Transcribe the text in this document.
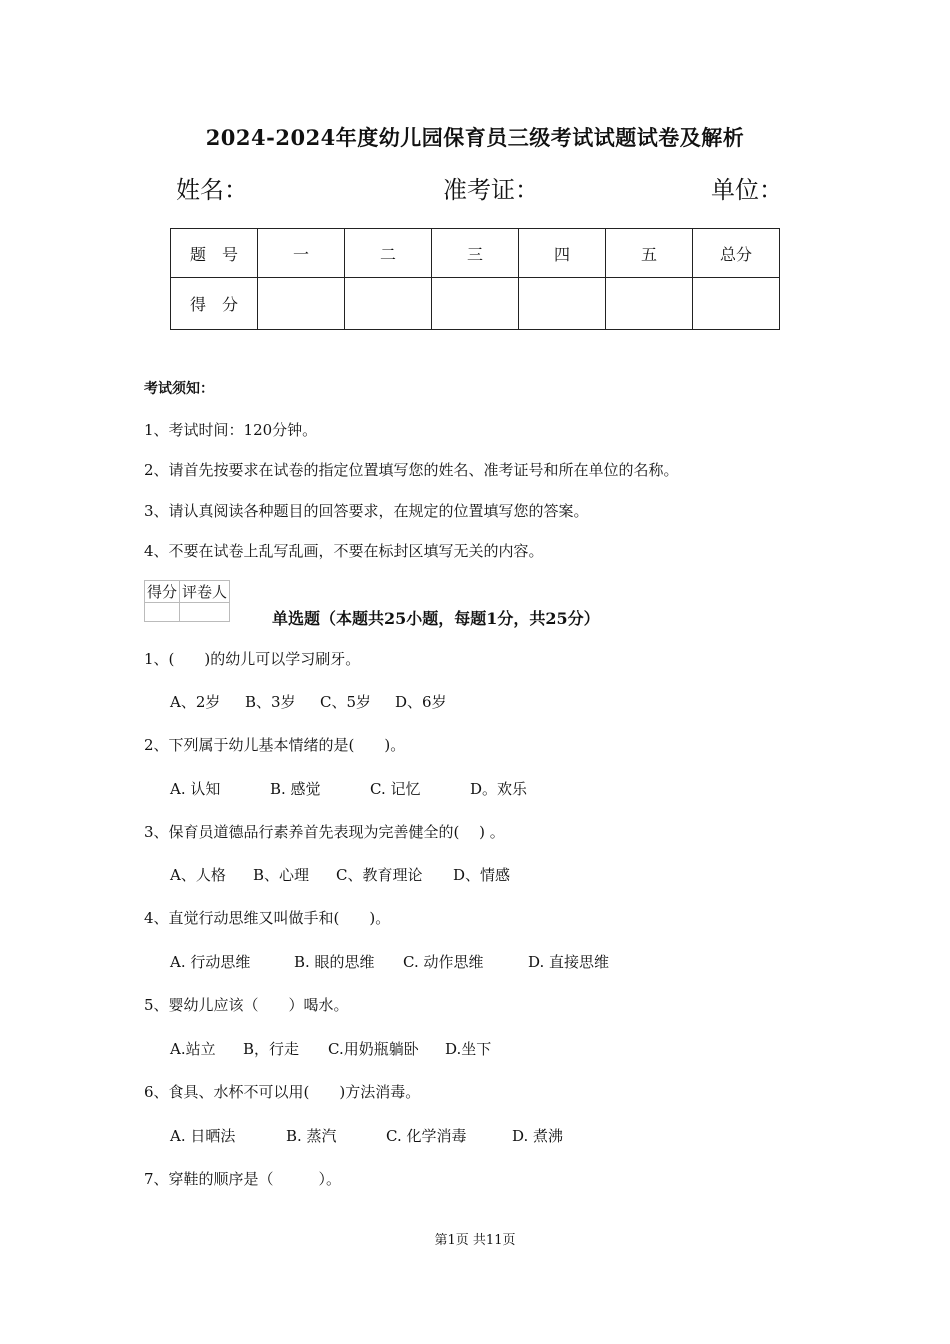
2024-2024年度幼儿园保育员三级考试试题试卷及解析
姓名：	准考证：	单位：
题　号	一	二	三	四	五	总分
得　分						
考试须知：
1、考试时间：120分钟。
2、请首先按要求在试卷的指定位置填写您的姓名、准考证号和所在单位的名称。
3、请认真阅读各种题目的回答要求，在规定的位置填写您的答案。
4、不要在试卷上乱写乱画，不要在标封区填写无关的内容。
得分	评卷人

单选题（本题共25小题，每题1分，共25分）
1、(　　)的幼儿可以学习刷牙。
A、2岁 B、3岁 C、5岁 D、6岁
2、下列属于幼儿基本情绪的是(　　)。
A. 认知	B. 感觉	C. 记忆	D。欢乐
3、保育员道德品行素养首先表现为完善健全的(　 ) 。
A、人格 B、心理 C、教育理论 D、情感
4、直觉行动思维又叫做手和(　　)。
A. 行动思维	B. 眼的思维 C. 动作思维	D. 直接思维
5、婴幼儿应该（　　）喝水。
A.站立 B，行走 C.用奶瓶躺卧 D.坐下
6、食具、水杯不可以用(　　)方法消毒。
A. 日晒法	B. 蒸汽	C. 化学消毒	D. 煮沸
7、穿鞋的顺序是（　　　）。
第1页 共11页
